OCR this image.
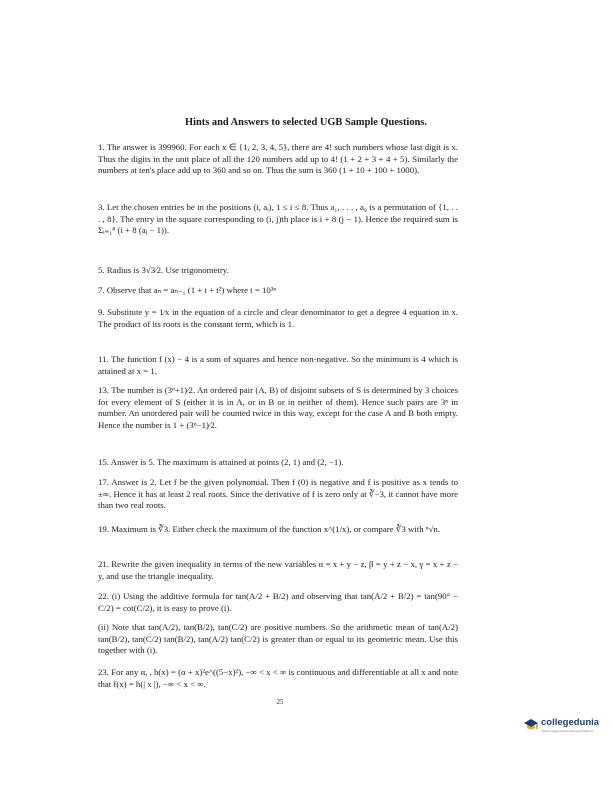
Hints and Answers to selected UGB Sample Questions.

1. The answer is 399960. For each x ∈ {1, 2, 3, 4, 5}, there are 4! such numbers whose last digit is x. Thus the digits in the unit place of all the 120 numbers add up to 4! (1 + 2 + 3 + 4 + 5). Similarly the numbers at ten's place add up to 360 and so on. Thus the sum is 360 (1 + 10 + 100 + 1000).

3. Let the chosen entries be in the positions (i, aᵢ), 1 ≤ i ≤ 8. Thus a₁, . . . , a₈ is a permutation of {1, . . . , 8}. The entry in the square corresponding to (i, j)th place is i + 8 (j − 1). Hence the required sum is Σᵢ₌₁⁸ (i + 8 (aⱼ − 1)).

5. Radius is 3√3⁄2. Use trigonometry.

7. Observe that aₙ = aₙ₋₁ (1 + t + t²) where t = 10³ⁿ

9. Substitute y = 1⁄x in the equation of a circle and clear denominator to get a degree 4 equation in x. The product of its roots is the constant term, which is 1.

11. The function f (x) − 4 is a sum of squares and hence non-negative. So the minimum is 4 which is attained at x = 1.

13. The number is (3ⁿ+1)⁄2. An ordered pair (A, B) of disjoint subsets of S is determined by 3 choices for every element of S (either it is in A, or in B or in neither of them). Hence such pairs are 3ⁿ in number. An unordered pair will be counted twice in this way, except for the case A and B both empty. Hence the number is 1 + (3ⁿ−1)⁄2.

15. Answer is 5. The maximum is attained at points (2, 1) and (2, −1).

17. Answer is 2. Let f be the given polynomial. Then f (0) is negative and f is positive as x tends to ±∞. Hence it has at least 2 real roots. Since the derivative of f is zero only at ∛−3, it cannot have more than two real roots.

19. Maximum is ∛3. Either check the maximum of the function x^(1/x), or compare ∛3 with ⁿ√n.

21. Rewrite the given inequality in terms of the new variables α = x + y − z, β = y + z − x, γ = x + z − y, and use the triangle inequality.

22. (i) Using the additive formula for tan(A/2 + B/2) and observing that tan(A/2 + B/2) = tan(90° − C/2) = cot(C/2), it is easy to prove (i).

(ii) Note that tan(A/2), tan(B/2), tan(C/2) are positive numbers. So the arithmetic mean of tan(A/2) tan(B/2), tan(C/2) tan(B/2), tan(A/2) tan(C/2) is greater than or equal to its geometric mean. Use this together with (i).

23. For any α, , h(x) = (α + x)²e^((5−x)²), −∞ < x < ∞ is continuous and differentiable at all x and note that f(x) = h(| x |), −∞ < x < ∞.

25
collegedunia
India's largest Student Review Platform
